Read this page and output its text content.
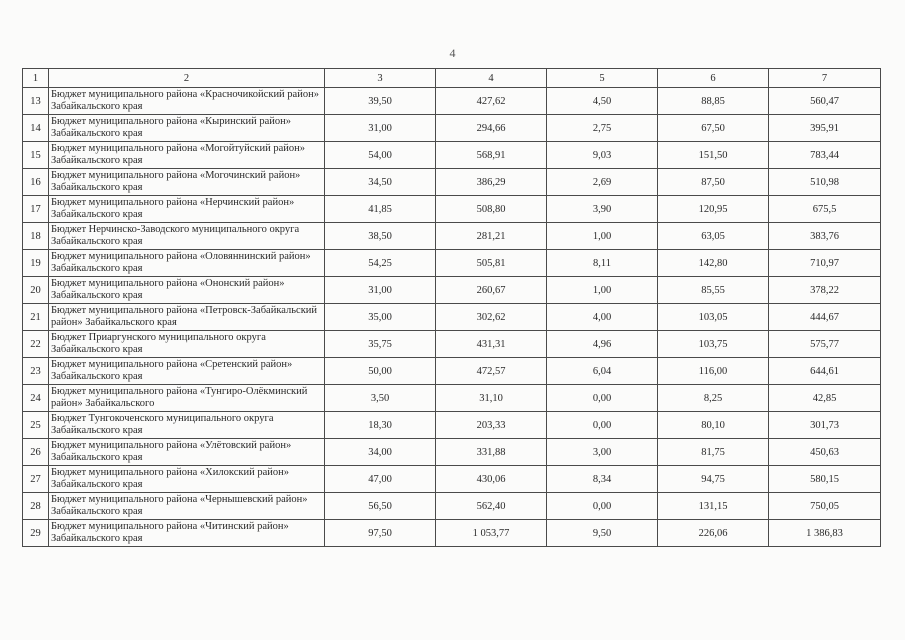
4
1	2	3	4	5	6	7
13	Бюджет муниципального района «Красночикойский район» Забайкальского края	39,50	427,62	4,50	88,85	560,47
14	Бюджет муниципального района «Кыринский район» Забайкальского края	31,00	294,66	2,75	67,50	395,91
15	Бюджет муниципального района «Могойтуйский район» Забайкальского края	54,00	568,91	9,03	151,50	783,44
16	Бюджет муниципального района «Могочинский район» Забайкальского края	34,50	386,29	2,69	87,50	510,98
17	Бюджет муниципального района «Нерчинский район» Забайкальского края	41,85	508,80	3,90	120,95	675,5
18	Бюджет Нерчинско-Заводского муниципального округа Забайкальского края	38,50	281,21	1,00	63,05	383,76
19	Бюджет муниципального района «Оловяннинский район» Забайкальского края	54,25	505,81	8,11	142,80	710,97
20	Бюджет муниципального района «Ононский район» Забайкальского края	31,00	260,67	1,00	85,55	378,22
21	Бюджет муниципального района «Петровск-Забайкальский район» Забайкальского края	35,00	302,62	4,00	103,05	444,67
22	Бюджет Приаргунского муниципального округа Забайкальского края	35,75	431,31	4,96	103,75	575,77
23	Бюджет муниципального района «Сретенский район» Забайкальского края	50,00	472,57	6,04	116,00	644,61
24	Бюджет муниципального района «Тунгиро-Олёкминский район» Забайкальского	3,50	31,10	0,00	8,25	42,85
25	Бюджет Тунгокоченского муниципального округа Забайкальского края	18,30	203,33	0,00	80,10	301,73
26	Бюджет муниципального района «Улётовский район» Забайкальского края	34,00	331,88	3,00	81,75	450,63
27	Бюджет муниципального района «Хилокский район» Забайкальского края	47,00	430,06	8,34	94,75	580,15
28	Бюджет муниципального района «Чернышевский район» Забайкальского края	56,50	562,40	0,00	131,15	750,05
29	Бюджет муниципального района «Читинский район» Забайкальского края	97,50	1 053,77	9,50	226,06	1 386,83
